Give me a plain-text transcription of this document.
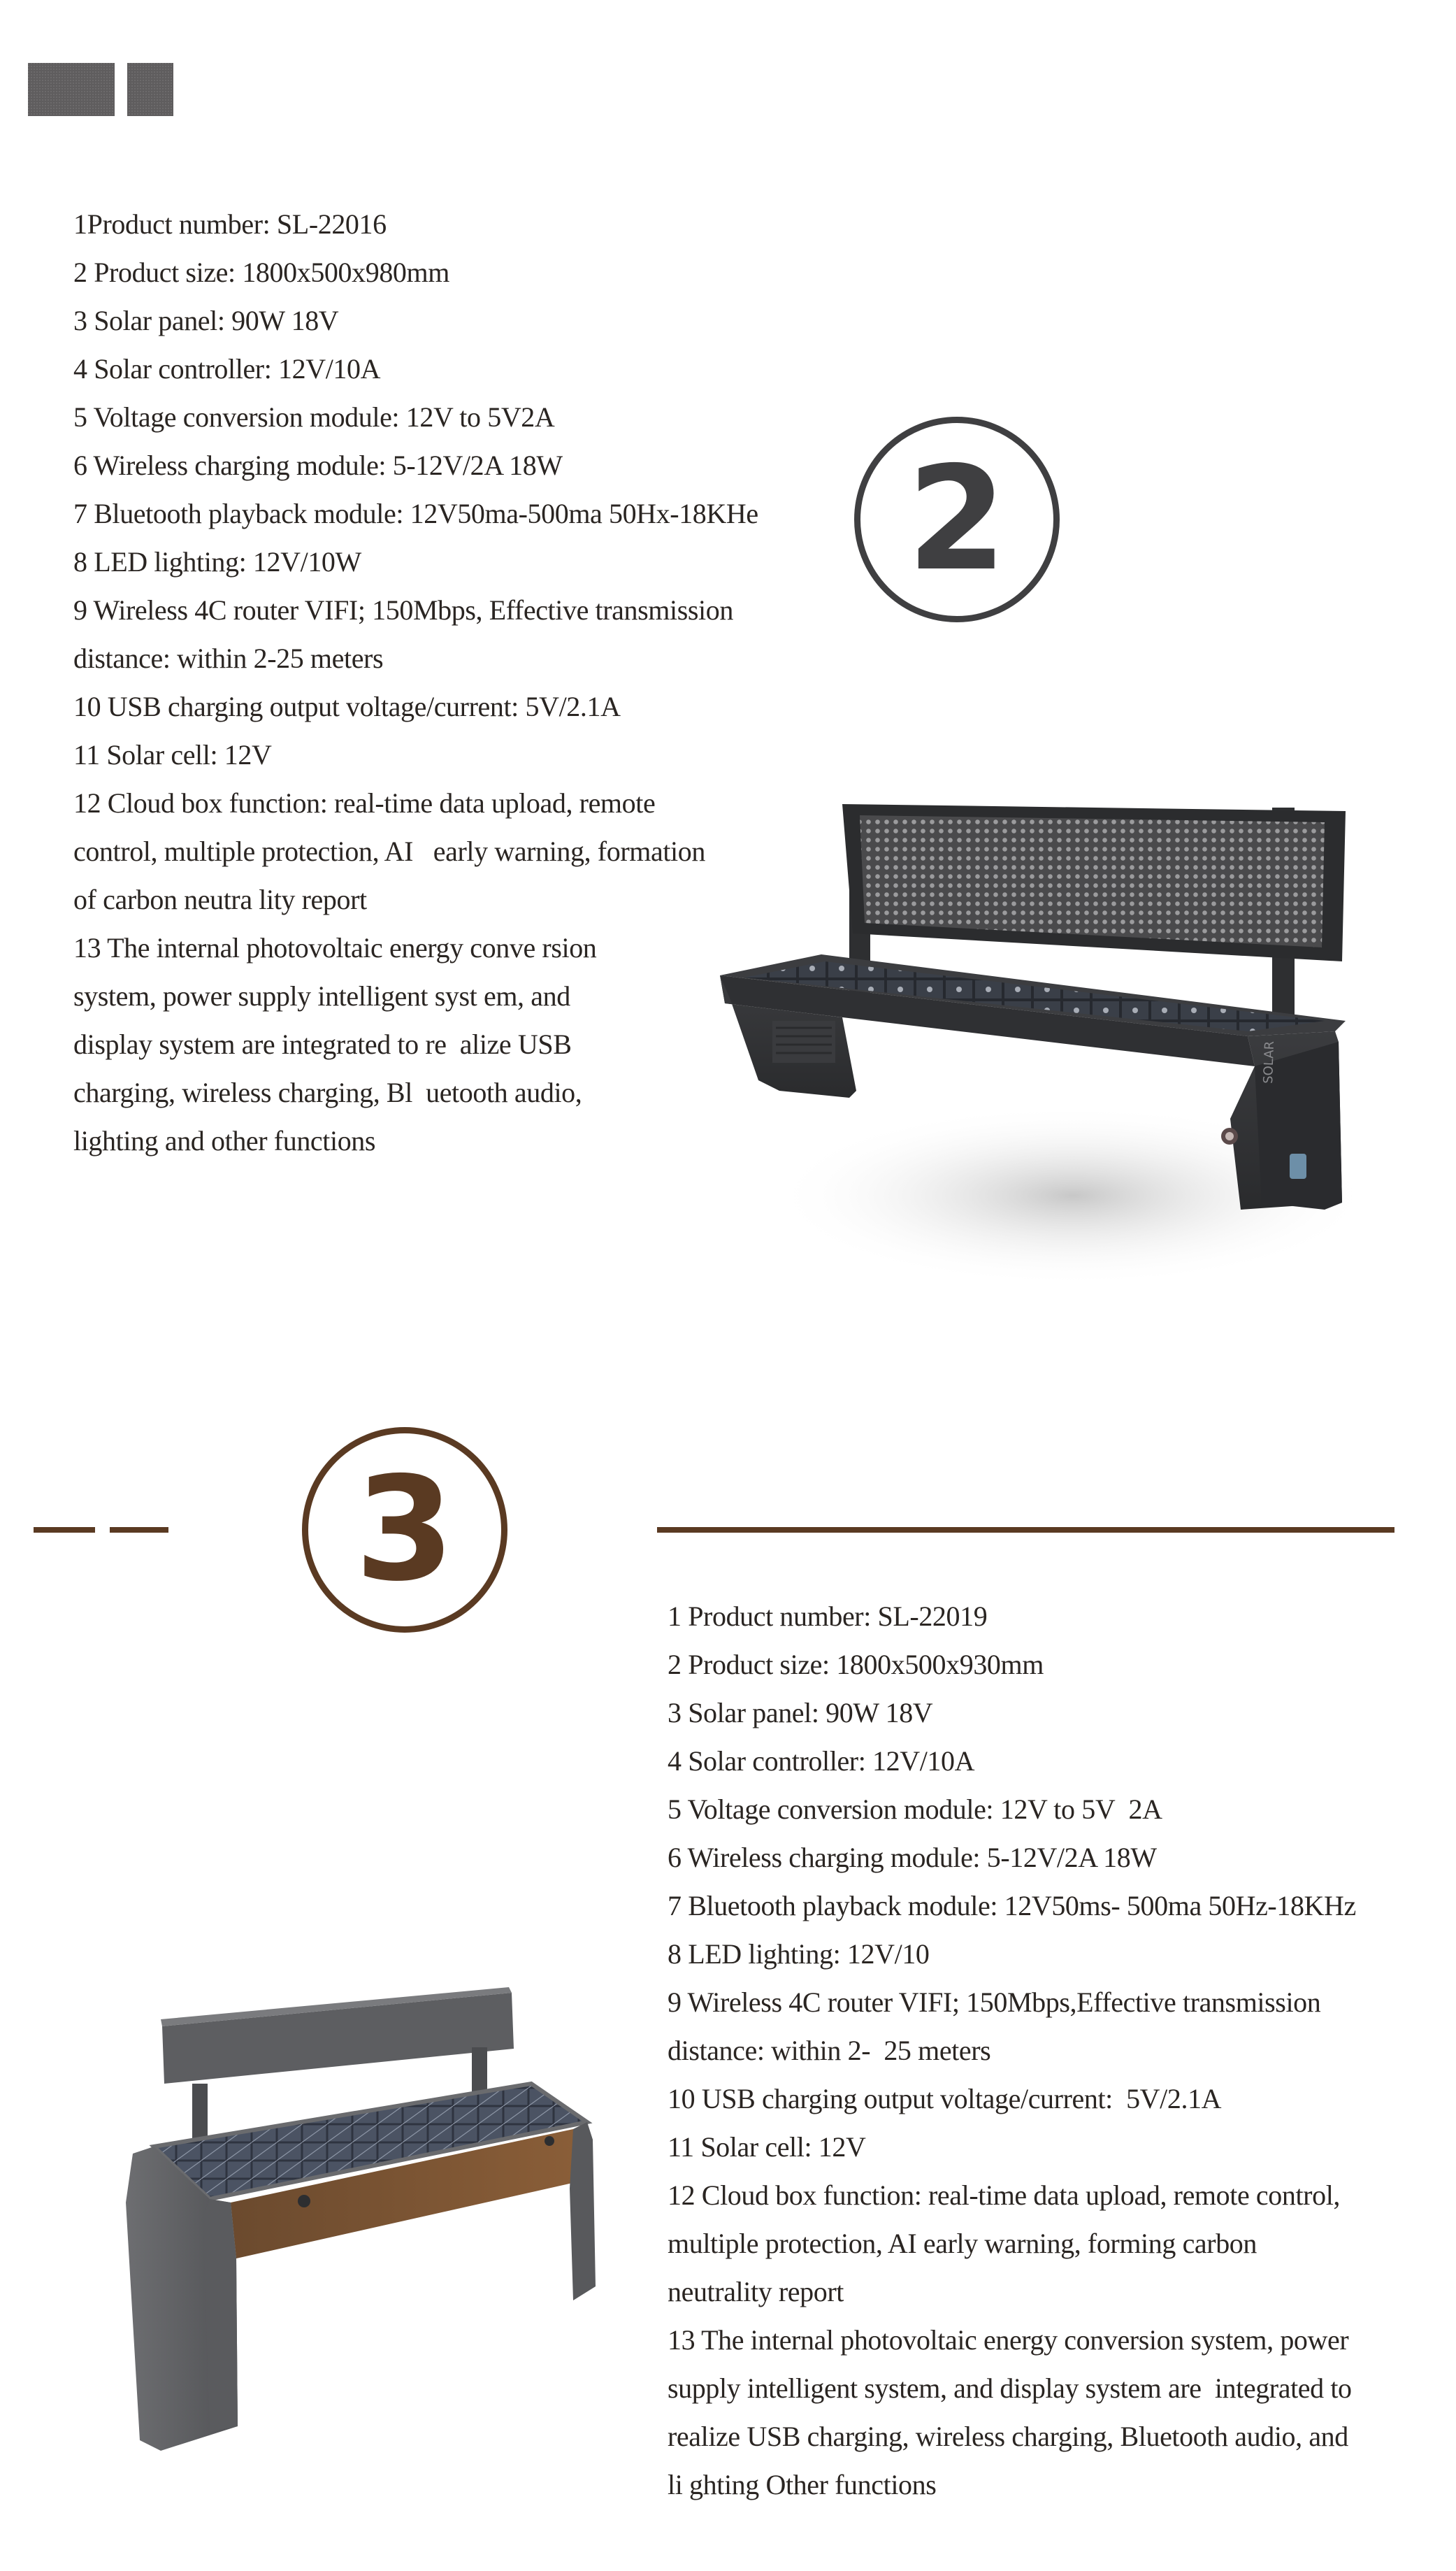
1Product number: SL-22016
2 Product size: 1800x500x980mm
3 Solar panel: 90W 18V
4 Solar controller: 12V/10A
5 Voltage conversion module: 12V to 5V2A
6 Wireless charging module: 5-12V/2A 18W
7 Bluetooth playback module: 12V50ma-500ma 50Hx-18KHe
8 LED lighting: 12V/10W
9 Wireless 4C router VIFI; 150Mbps, Effective transmission
distance: within 2-25 meters
10 USB charging output voltage/current: 5V/2.1A
11 Solar cell: 12V
12 Cloud box function: real-time data upload, remote
control, multiple protection, AI   early warning, formation
of carbon neutra lity report
13 The internal photovoltaic energy conve rsion
system, power supply intelligent syst em, and
display system are integrated to re  alize USB
charging, wireless charging, Bl  uetooth audio,
lighting and other functions
2
SOLAR
3
1 Product number: SL-22019
2 Product size: 1800x500x930mm
3 Solar panel: 90W 18V
4 Solar controller: 12V/10A
5 Voltage conversion module: 12V to 5V  2A
6 Wireless charging module: 5-12V/2A 18W
7 Bluetooth playback module: 12V50ms- 500ma 50Hz-18KHz
8 LED lighting: 12V/10
9 Wireless 4C router VIFI; 150Mbps,Effective transmission
distance: within 2-  25 meters
10 USB charging output voltage/current:  5V/2.1A
11 Solar cell: 12V
12 Cloud box function: real-time data upload, remote control,
multiple protection, AI early warning, forming carbon
neutrality report
13 The internal photovoltaic energy conversion system, power
supply intelligent system, and display system are  integrated to
realize USB charging, wireless charging, Bluetooth audio, and
li ghting Other functions
